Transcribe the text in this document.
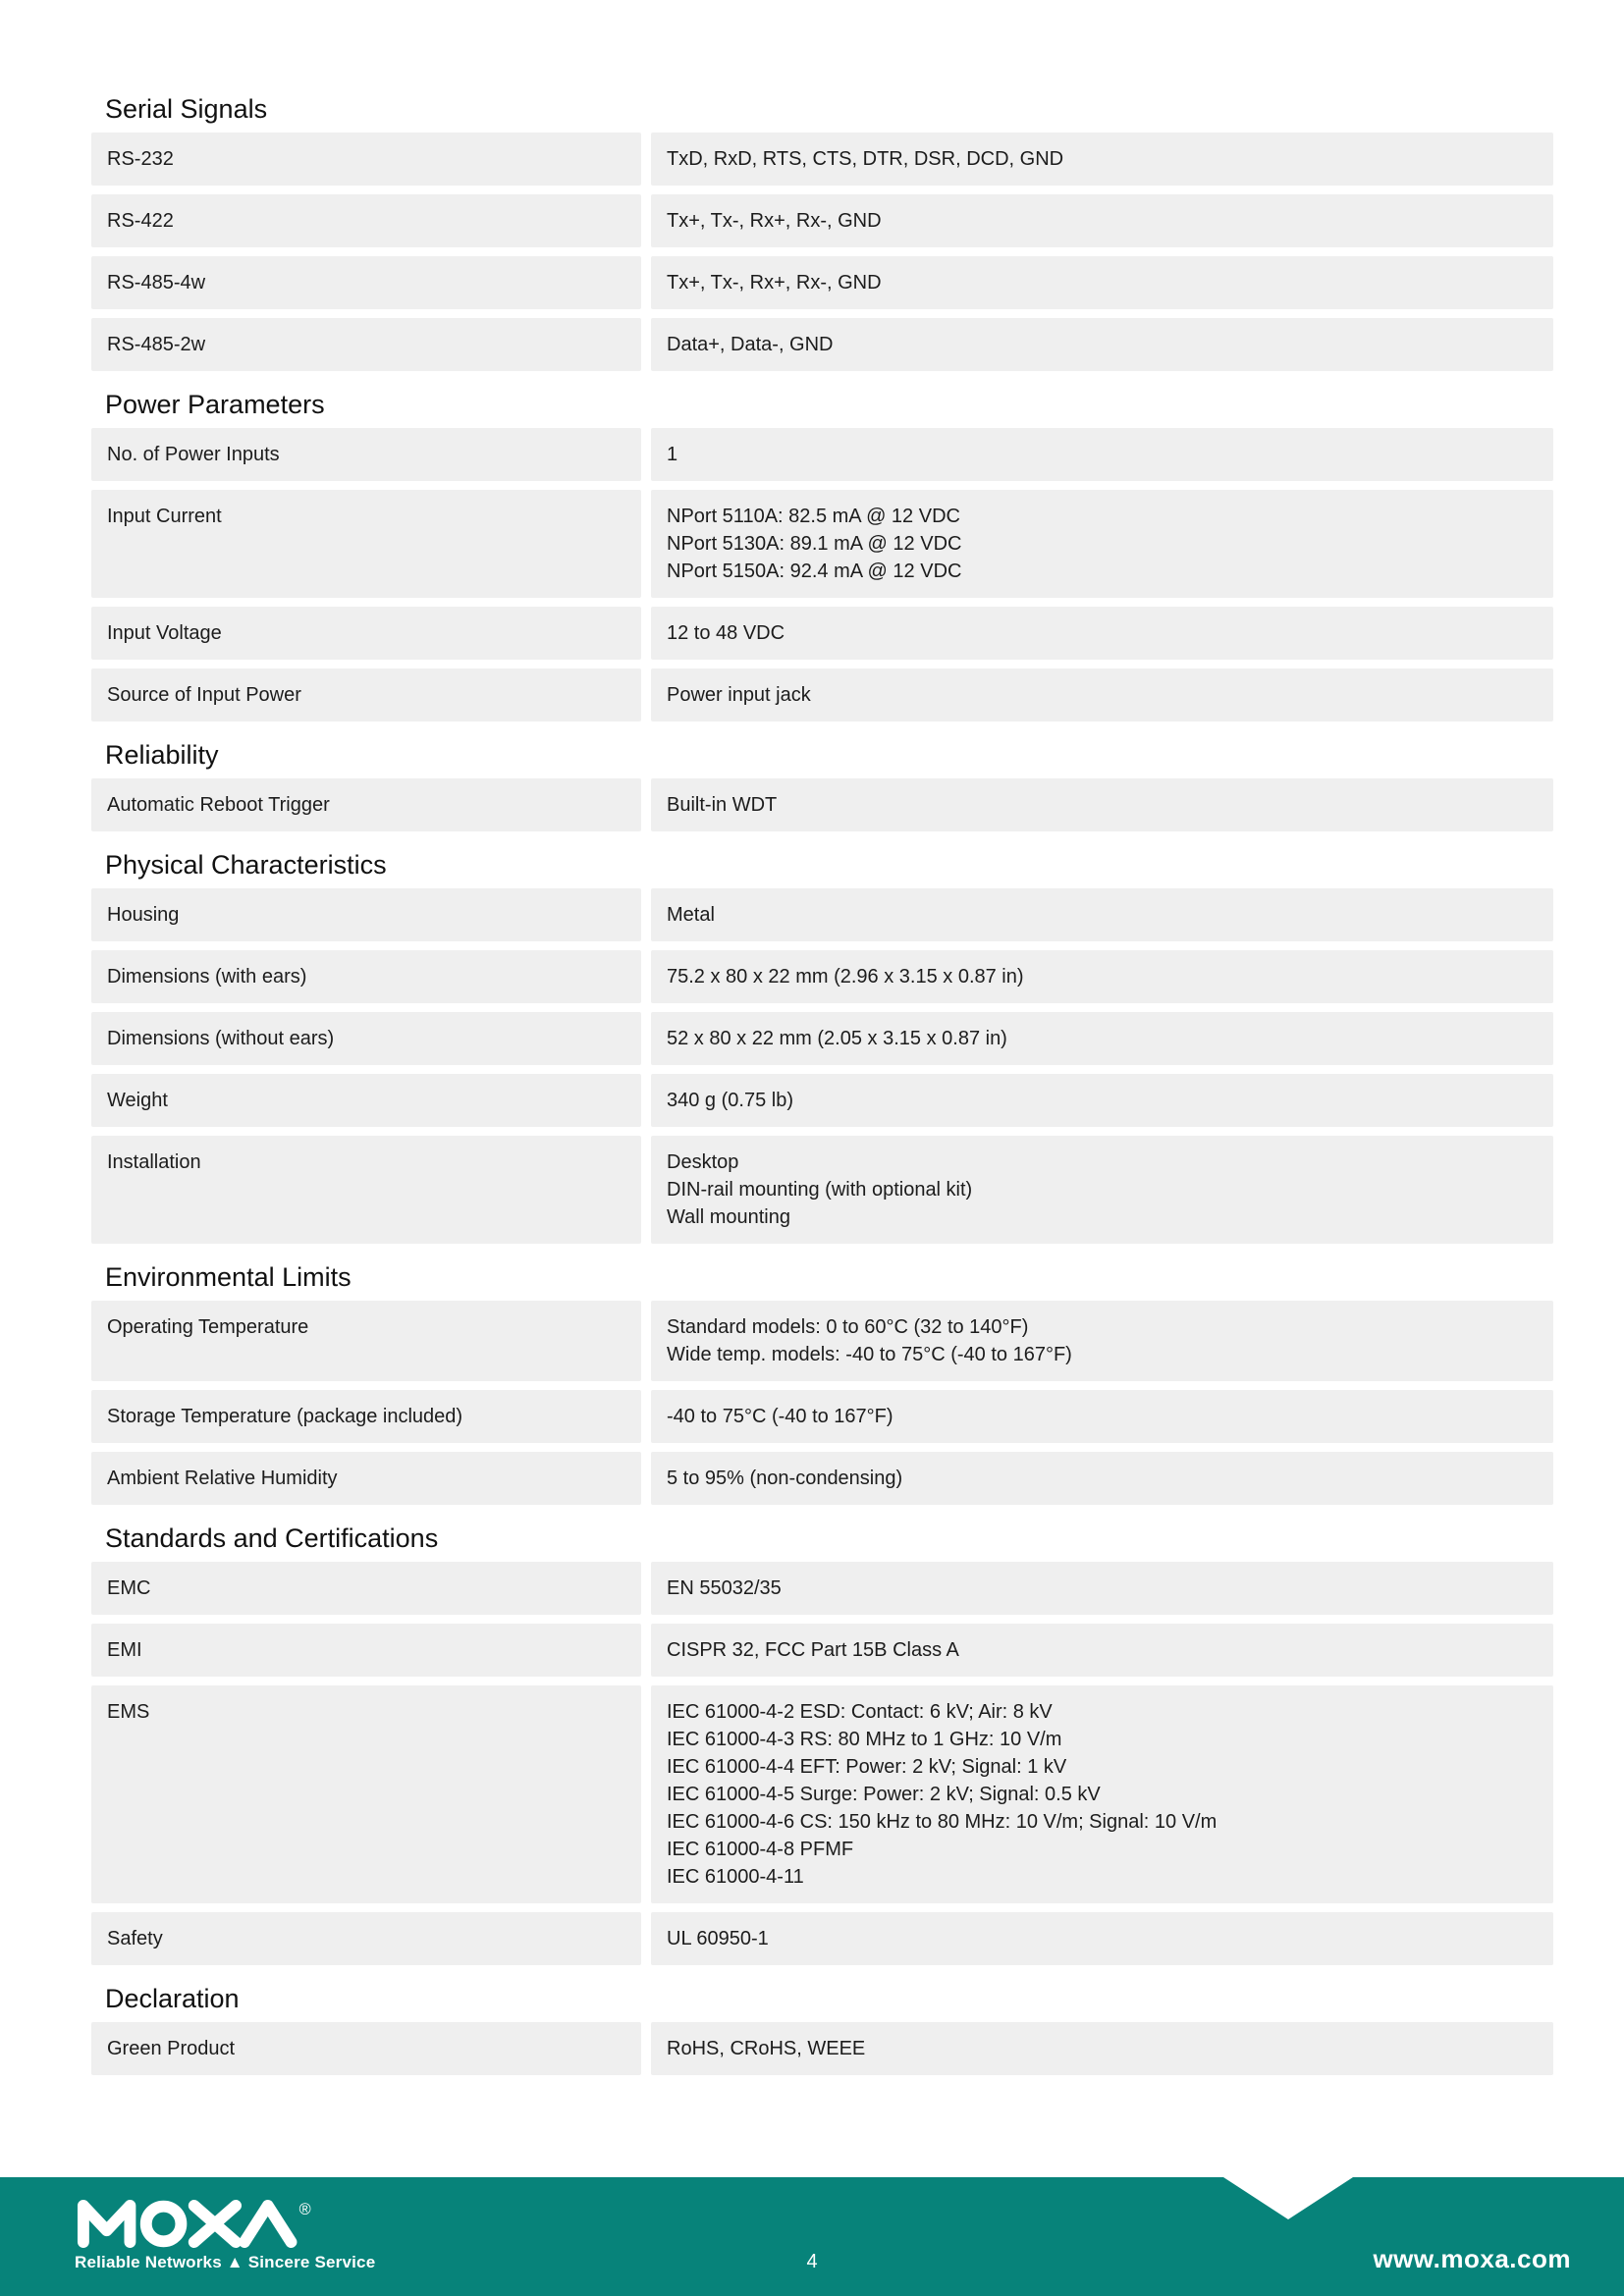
Serial Signals
RS-232	TxD, RxD, RTS, CTS, DTR, DSR, DCD, GND
RS-422	Tx+, Tx-, Rx+, Rx-, GND
RS-485-4w	Tx+, Tx-, Rx+, Rx-, GND
RS-485-2w	Data+, Data-, GND
Power Parameters
No. of Power Inputs	1
Input Current	NPort 5110A: 82.5 mA @ 12 VDC
NPort 5130A: 89.1 mA @ 12 VDC
NPort 5150A: 92.4 mA @ 12 VDC
Input Voltage	12 to 48 VDC
Source of Input Power	Power input jack
Reliability
Automatic Reboot Trigger	Built-in WDT
Physical Characteristics
Housing	Metal
Dimensions (with ears)	75.2 x 80 x 22 mm (2.96 x 3.15 x 0.87 in)
Dimensions (without ears)	52 x 80 x 22 mm (2.05 x 3.15 x 0.87 in)
Weight	340 g (0.75 lb)
Installation	Desktop
DIN-rail mounting (with optional kit)
Wall mounting
Environmental Limits
Operating Temperature	Standard models: 0 to 60°C (32 to 140°F)
Wide temp. models: -40 to 75°C (-40 to 167°F)
Storage Temperature (package included)	-40 to 75°C (-40 to 167°F)
Ambient Relative Humidity	5 to 95% (non-condensing)
Standards and Certifications
EMC	EN 55032/35
EMI	CISPR 32, FCC Part 15B Class A
EMS	IEC 61000-4-2 ESD: Contact: 6 kV; Air: 8 kV
IEC 61000-4-3 RS: 80 MHz to 1 GHz: 10 V/m
IEC 61000-4-4 EFT: Power: 2 kV; Signal: 1 kV
IEC 61000-4-5 Surge: Power: 2 kV; Signal: 0.5 kV
IEC 61000-4-6 CS: 150 kHz to 80 MHz: 10 V/m; Signal: 10 V/m
IEC 61000-4-8 PFMF
IEC 61000-4-11
Safety	UL 60950-1
Declaration
Green Product	RoHS, CRoHS, WEEE
®
Reliable Networks ▲ Sincere Service	4	www.moxa.com
